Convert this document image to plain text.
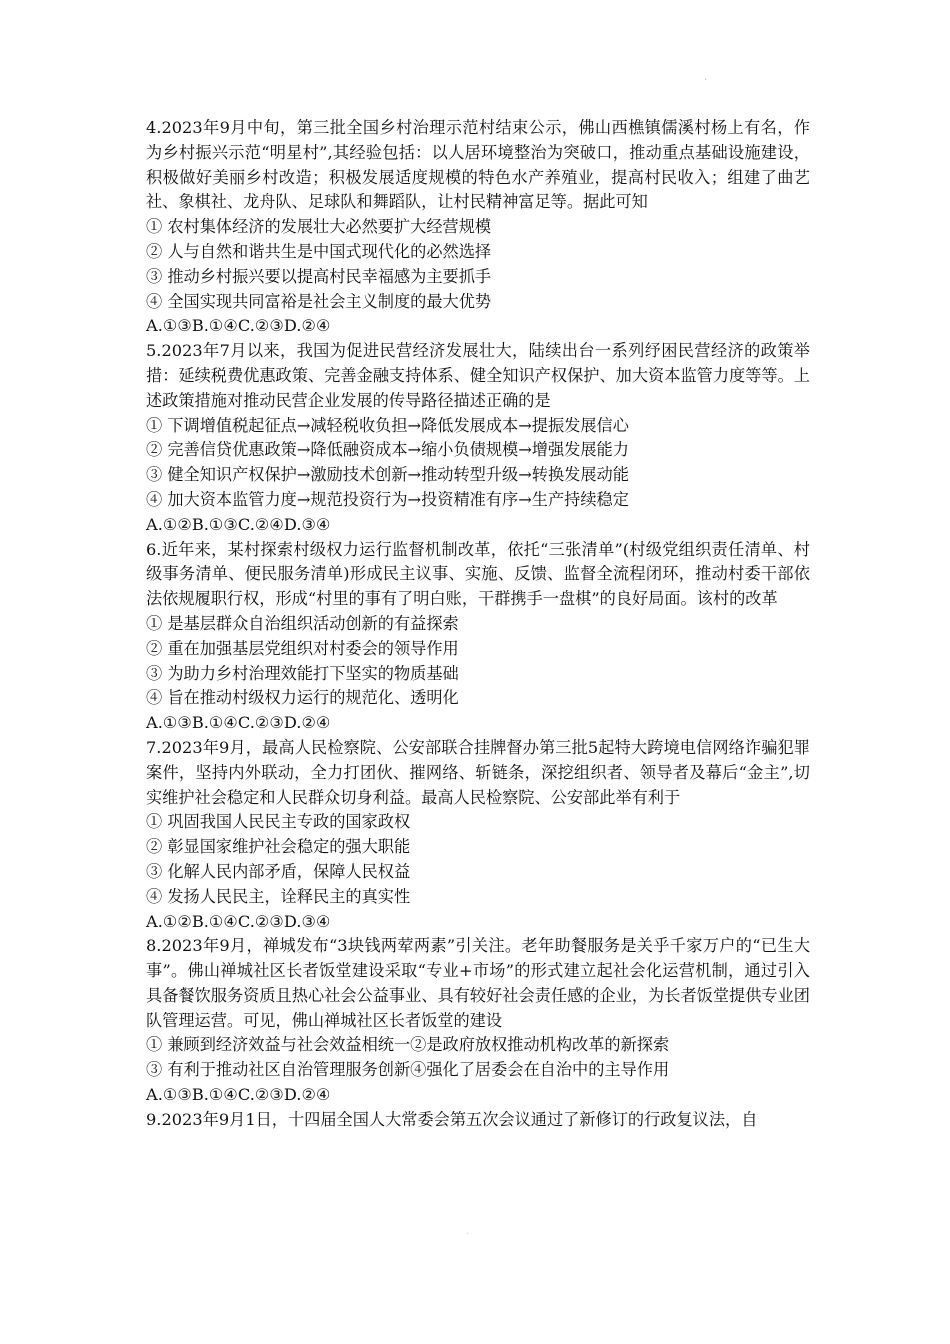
.
4.2023年9月中旬，第三批全国乡村治理示范村结束公示，佛山西樵镇儒溪村杨上有名，作为乡村振兴示范“明星村”,其经验包括：以人居环境整治为突破口，推动重点基础设施建设，积极做好美丽乡村改造；积极发展适度规模的特色水产养殖业，提高村民收入；组建了曲艺社、象棋社、龙舟队、足球队和舞蹈队，让村民精神富足等。据此可知
① 农村集体经济的发展壮大必然要扩大经营规模
② 人与自然和谐共生是中国式现代化的必然选择
③ 推动乡村振兴要以提高村民幸福感为主要抓手
④ 全国实现共同富裕是社会主义制度的最大优势
A.①③B.①④C.②③D.②④
5.2023年7月以来，我国为促进民营经济发展壮大，陆续出台一系列纾困民营经济的政策举措：延续税费优惠政策、完善金融支持体系、健全知识产权保护、加大资本监管力度等等。上述政策措施对推动民营企业发展的传导路径描述正确的是
① 下调增值税起征点→减轻税收负担→降低发展成本→提振发展信心
② 完善信贷优惠政策→降低融资成本→缩小负债规模→增强发展能力
③ 健全知识产权保护→激励技术创新→推动转型升级→转换发展动能
④ 加大资本监管力度→规范投资行为→投资精准有序→生产持续稳定
A.①②B.①③C.②④D.③④
6.近年来，某村探索村级权力运行监督机制改革，依托“三张清单”(村级党组织责任清单、村级事务清单、便民服务清单)形成民主议事、实施、反馈、监督全流程闭环，推动村委干部依法依规履职行权，形成“村里的事有了明白账，干群携手一盘棋”的良好局面。该村的改革
① 是基层群众自治组织活动创新的有益探索
② 重在加强基层党组织对村委会的领导作用
③ 为助力乡村治理效能打下坚实的物质基础
④ 旨在推动村级权力运行的规范化、透明化
A.①③B.①④C.②③D.②④
7.2023年9月，最高人民检察院、公安部联合挂牌督办第三批5起特大跨境电信网络诈骗犯罪案件，坚持内外联动，全力打团伙、摧网络、斩链条，深挖组织者、领导者及幕后“金主”,切实维护社会稳定和人民群众切身利益。最高人民检察院、公安部此举有利于
① 巩固我国人民民主专政的国家政权
② 彰显国家维护社会稳定的强大职能
③ 化解人民内部矛盾，保障人民权益
④ 发扬人民民主，诠释民主的真实性
A.①②B.①④C.②③D.③④
8.2023年9月，禅城发布“3块钱两荤两素”引关注。老年助餐服务是关乎千家万户的“已生大事”。佛山禅城社区长者饭堂建设采取“专业+市场”的形式建立起社会化运营机制，通过引入具备餐饮服务资质且热心社会公益事业、具有较好社会责任感的企业，为长者饭堂提供专业团队管理运营。可见，佛山禅城社区长者饭堂的建设
① 兼顾到经济效益与社会效益相统一②是政府放权推动机构改革的新探索
③ 有利于推动社区自治管理服务创新④强化了居委会在自治中的主导作用
A.①③B.①④C.②③D.②④
9.2023年9月1日，十四届全国人大常委会第五次会议通过了新修订的行政复议法，自
.
